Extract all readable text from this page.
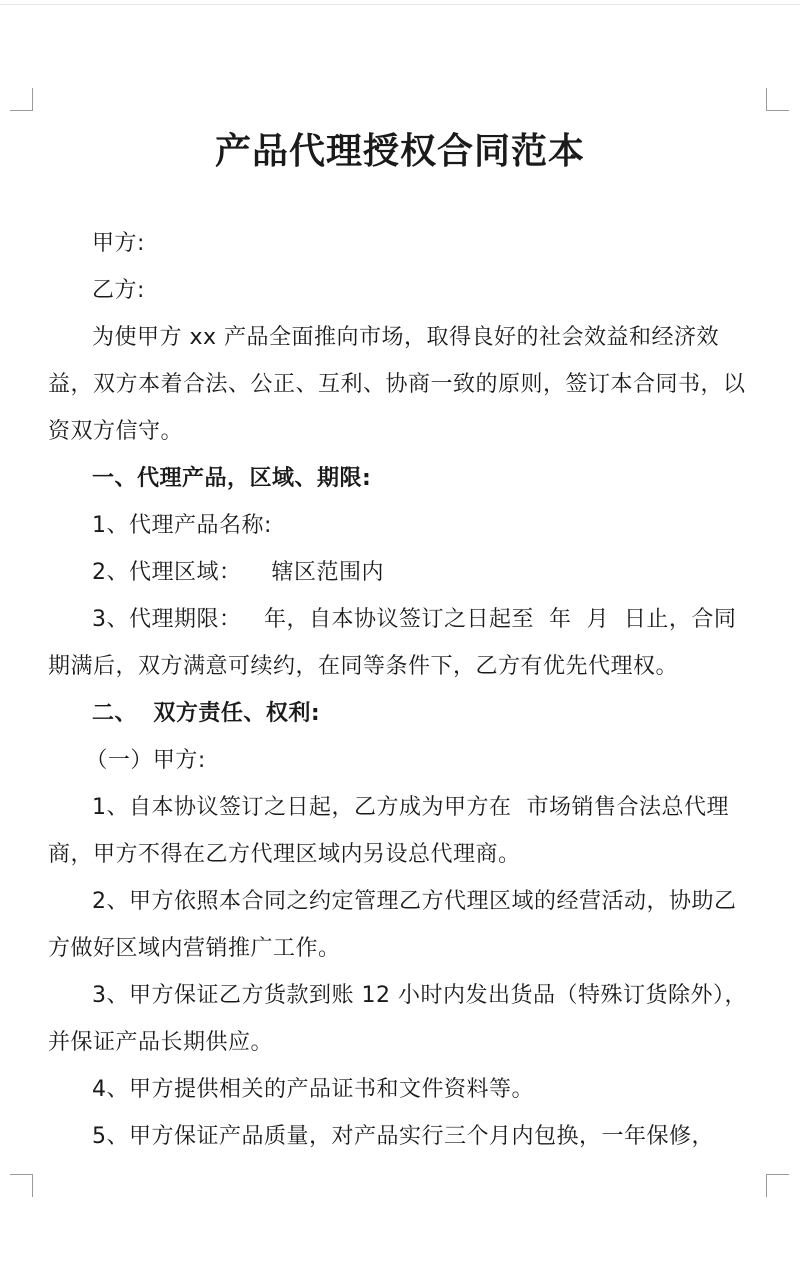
产品代理授权合同范本

甲方:

乙方:

为使甲方 xx 产品全面推向市场，取得良好的社会效益和经济效益，双方本着合法、公正、互利、协商一致的原则，签订本合同书，以资双方信守。

一、代理产品，区域、期限:

1、代理产品名称:

2、代理区域：    辖区范围内

3、代理期限：   年，自本协议签订之日起至  年  月  日止，合同期满后，双方满意可续约，在同等条件下，乙方有优先代理权。

二、  双方责任、权利:

（一）甲方:

1、自本协议签订之日起，乙方成为甲方在  市场销售合法总代理商，甲方不得在乙方代理区域内另设总代理商。

2、甲方依照本合同之约定管理乙方代理区域的经营活动，协助乙方做好区域内营销推广工作。

3、甲方保证乙方货款到账 12 小时内发出货品（特殊订货除外），并保证产品长期供应。

4、甲方提供相关的产品证书和文件资料等。

5、甲方保证产品质量，对产品实行三个月内包换，一年保修，
